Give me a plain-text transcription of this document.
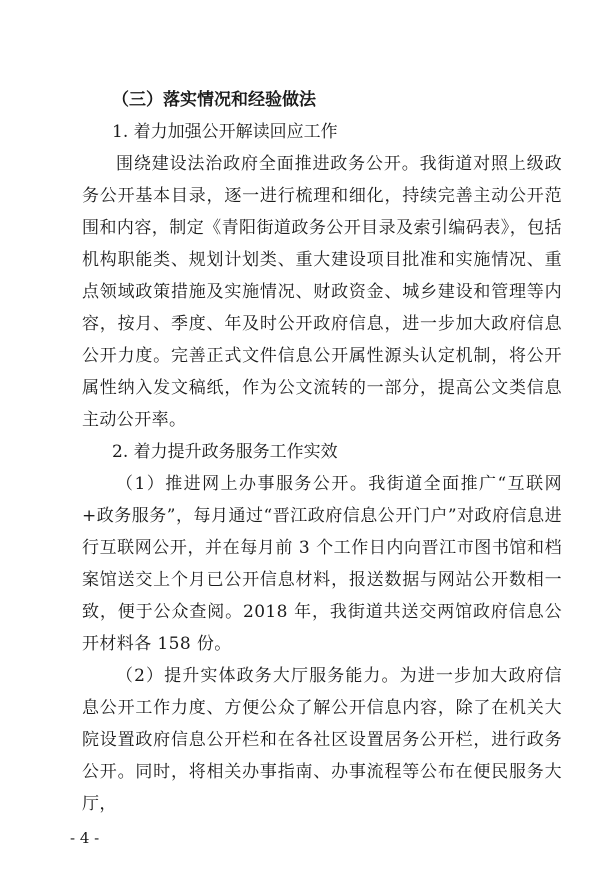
（三）落实情况和经验做法

1. 着力加强公开解读回应工作

围绕建设法治政府全面推进政务公开。我街道对照上级政务公开基本目录，逐一进行梳理和细化，持续完善主动公开范围和内容，制定《青阳街道政务公开目录及索引编码表》，包括机构职能类、规划计划类、重大建设项目批准和实施情况、重点领域政策措施及实施情况、财政资金、城乡建设和管理等内容，按月、季度、年及时公开政府信息，进一步加大政府信息公开力度。完善正式文件信息公开属性源头认定机制，将公开属性纳入发文稿纸，作为公文流转的一部分，提高公文类信息主动公开率。

2. 着力提升政务服务工作实效

（1）推进网上办事服务公开。我街道全面推广“互联网+政务服务”，每月通过“晋江政府信息公开门户”对政府信息进行互联网公开，并在每月前 3 个工作日内向晋江市图书馆和档案馆送交上个月已公开信息材料，报送数据与网站公开数相一致，便于公众查阅。2018 年，我街道共送交两馆政府信息公开材料各 158 份。

（2）提升实体政务大厅服务能力。为进一步加大政府信息公开工作力度、方便公众了解公开信息内容，除了在机关大院设置政府信息公开栏和在各社区设置居务公开栏，进行政务公开。同时，将相关办事指南、办事流程等公布在便民服务大厅，

- 4 -
